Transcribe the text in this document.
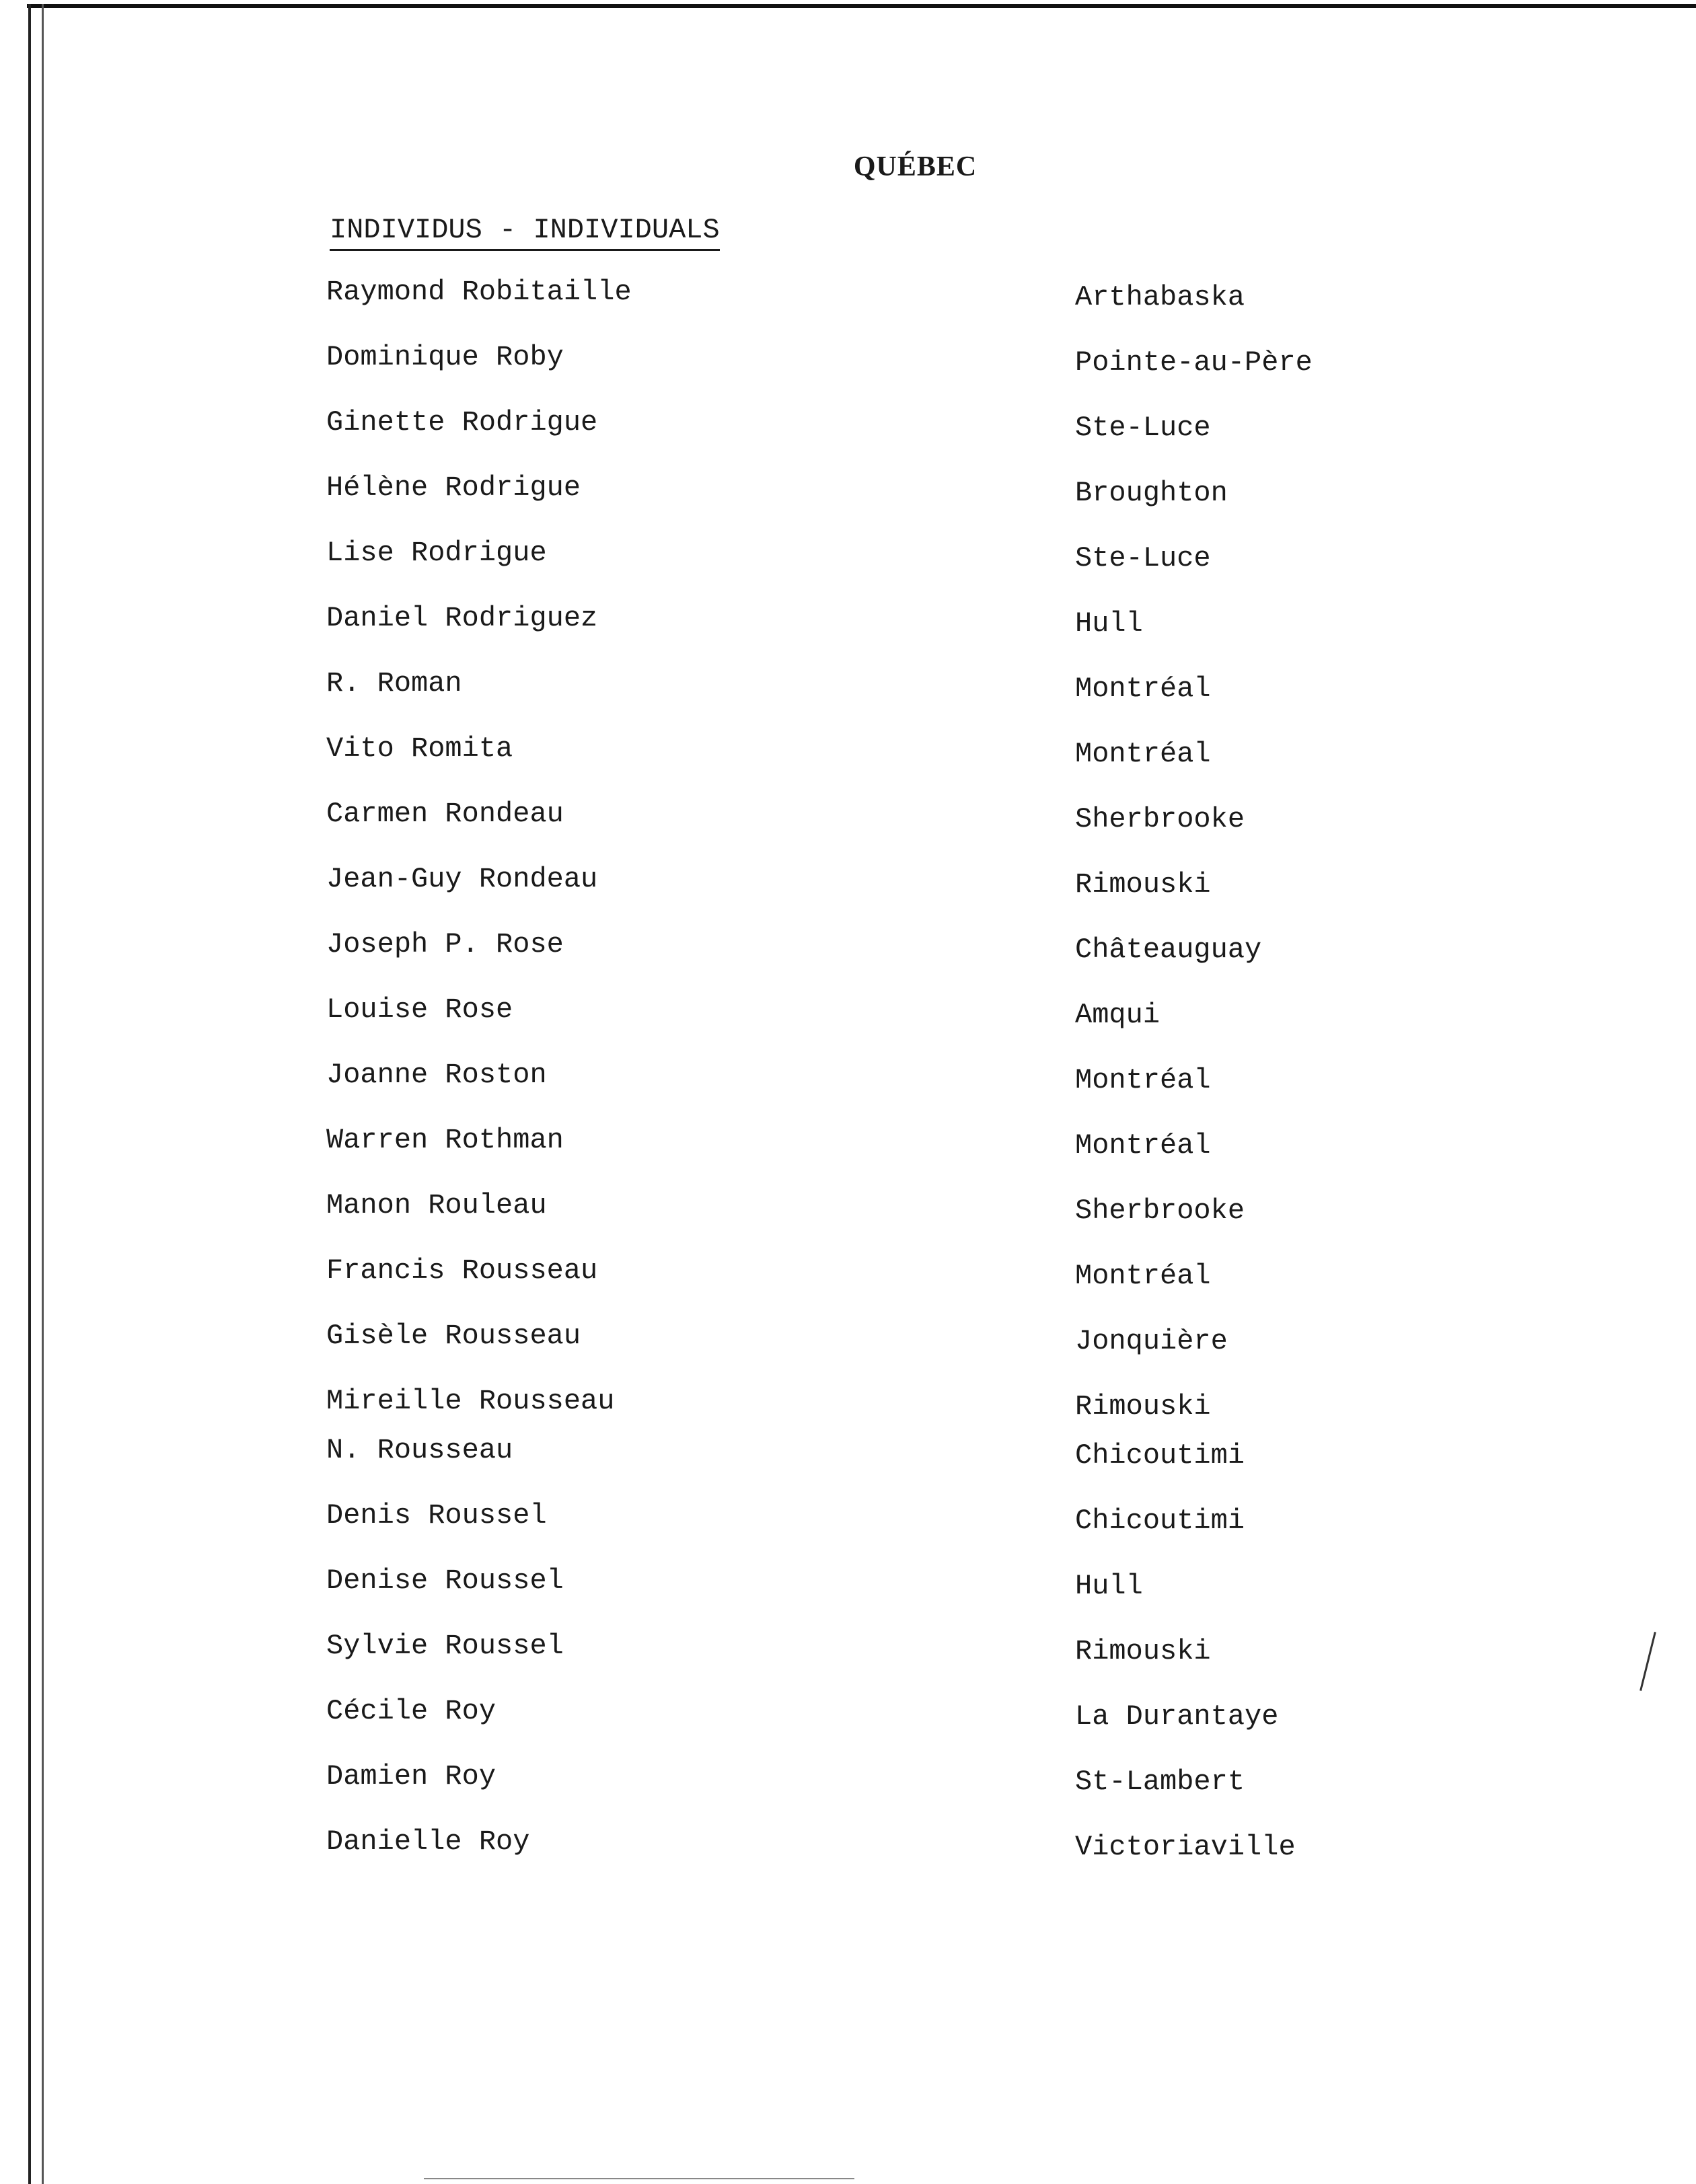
QUÉBEC
INDIVIDUS - INDIVIDUALS
Raymond Robitaille	Arthabaska
Dominique Roby	Pointe-au-Père
Ginette Rodrigue	Ste-Luce
Hélène Rodrigue	Broughton
Lise Rodrigue	Ste-Luce
Daniel Rodriguez	Hull
R. Roman	Montréal
Vito Romita	Montréal
Carmen Rondeau	Sherbrooke
Jean-Guy Rondeau	Rimouski
Joseph P. Rose	Châteauguay
Louise Rose	Amqui
Joanne Roston	Montréal
Warren Rothman	Montréal
Manon Rouleau	Sherbrooke
Francis Rousseau	Montréal
Gisèle Rousseau	Jonquière
Mireille Rousseau	Rimouski
N. Rousseau	Chicoutimi
Denis Roussel	Chicoutimi
Denise Roussel	Hull
Sylvie Roussel	Rimouski
Cécile Roy	La Durantaye
Damien Roy	St-Lambert
Danielle Roy	Victoriaville
